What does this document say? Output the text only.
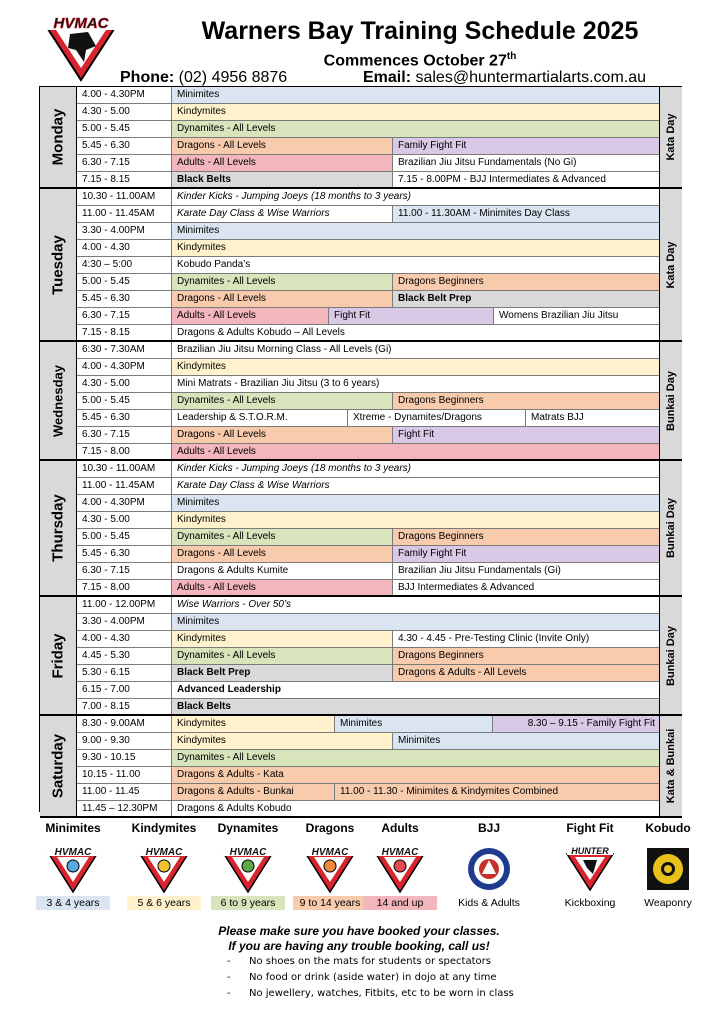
HVMAC	Warners Bay Training Schedule 2025
Commences October 27th
Phone: (02) 4956 8876	Email: sales@huntermartialarts.com.au
4.00 - 4.30PM	Minimites
4.30 - 5.00	Kindymites
5.00 - 5.45	Dynamites - All Levels
5.45 - 6.30	Dragons - All Levels	Family Fight Fit
6.30 - 7.15	Adults - All Levels	Brazilian Jiu Jitsu Fundamentals (No Gi)
7.15 - 8.15	Black Belts	7.15 - 8.00PM - BJJ Intermediates & Advanced
Monday	Kata Day
10.30 - 11.00AM	Kinder Kicks - Jumping Joeys (18 months to 3 years)
11.00 - 11.45AM	Karate Day Class & Wise Warriors	11.00 - 11.30AM - Minimites Day Class
3.30 - 4.00PM	Minimites
4.00 - 4.30	Kindymites
4:30 – 5:00	Kobudo Panda’s
5.00 - 5.45	Dynamites - All Levels	Dragons Beginners
5.45 - 6.30	Dragons - All Levels	Black Belt Prep
6.30 - 7.15	Adults - All Levels	Fight Fit	Womens Brazilian Jiu Jitsu
7.15 - 8.15	Dragons & Adults Kobudo – All Levels
Tuesday	Kata Day
6:30 - 7.30AM	Brazilian Jiu Jitsu Morning Class - All Levels (Gi)
4.00 - 4.30PM	Kindymites
4.30 - 5.00	Mini Matrats - Brazilian Jiu Jitsu (3 to 6 years)
5.00 - 5.45	Dynamites - All Levels	Dragons Beginners
5.45 - 6.30	Leadership & S.T.O.R.M.	Xtreme - Dynamites/Dragons	Matrats BJJ
6.30 - 7.15	Dragons - All Levels	Fight Fit
7.15 - 8.00	Adults - All Levels
Wednesday	Bunkai Day
10.30 - 11.00AM	Kinder Kicks - Jumping Joeys (18 months to 3 years)
11.00 - 11.45AM	Karate Day Class & Wise Warriors
4.00 - 4.30PM	Minimites
4.30 - 5.00	Kindymites
5.00 - 5.45	Dynamites - All Levels	Dragons Beginners
5.45 - 6.30	Dragons - All Levels	Family Fight Fit
6.30 - 7.15	Dragons & Adults Kumite	Brazilian Jiu Jitsu Fundamentals (Gi)
7.15 - 8.00	Adults - All Levels	BJJ Intermediates & Advanced
Thursday	Bunkai Day
11.00 - 12.00PM	Wise Warriors - Over 50’s
3.30 - 4.00PM	Minimites
4.00 - 4.30	Kindymites	4.30 - 4.45 - Pre-Testing Clinic (Invite Only)
4.45 - 5.30	Dynamites - All Levels	Dragons Beginners
5.30 - 6.15	Black Belt Prep	Dragons & Adults - All Levels
6.15 - 7.00	Advanced Leadership
7.00 - 8.15	Black Belts
Friday	Bunkai Day
8.30 - 9.00AM	Kindymites	Minimites	8.30 – 9.15 - Family Fight Fit
9.00 - 9.30	Kindymites	Minimites
9.30 - 10.15	Dynamites - All Levels
10.15 - 11.00	Dragons & Adults - Kata
11.00 - 11.45	Dragons & Adults - Bunkai	11.00 - 11.30 - Minimites & Kindymites Combined
11.45 – 12.30PM	Dragons & Adults Kobudo
Saturday	Kata & Bunkai
Minimites
HVMAC
3 & 4 years
Kindymites
HVMAC
5 & 6 years
Dynamites
HVMAC
6 to 9 years
Dragons
HVMAC
9 to 14 years
Adults
HVMAC
14 and up
BJJ
Kids & Adults
Fight Fit
HUNTER
Kickboxing
Kobudo
Weaponry
Please make sure you have booked your classes.
If you are having any trouble booking, call us!
- No shoes on the mats for students or spectators
- No food or drink (aside water) in dojo at any time
- No jewellery, watches, Fitbits, etc to be worn in class
